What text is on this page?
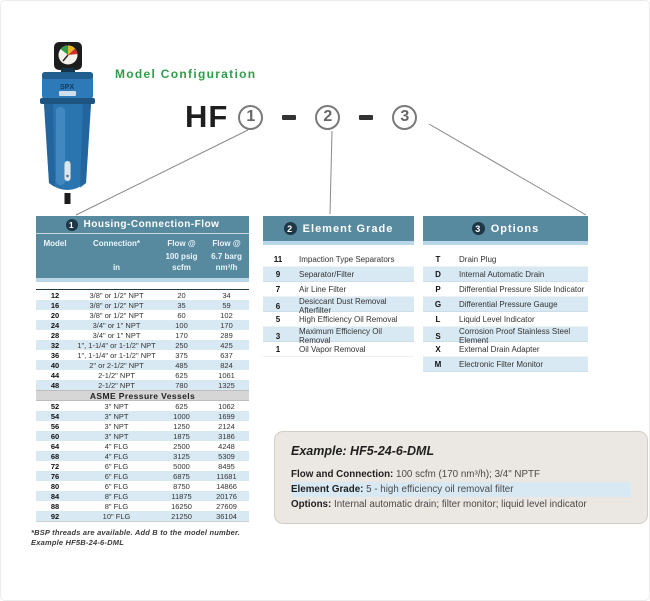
SPX
Model Configuration
HF	1	2	3
1 Housing-Connection-Flow
Model	Connection*
in
Flow @
100 psig
scfm
Flow @
6.7 barg
nm³/h
12	3/8" or 1/2" NPT	20	34
16	3/8" or 1/2" NPT	35	59
20	3/8" or 1/2" NPT	60	102
24	3/4" or 1" NPT	100	170
28	3/4" or 1" NPT	170	289
32	1", 1-1/4" or 1-1/2" NPT	250	425
36	1", 1-1/4" or 1-1/2" NPT	375	637
40	2" or 2-1/2" NPT	485	824
44	2-1/2" NPT	625	1061
48	2-1/2" NPT	780	1325
ASME Pressure Vessels
52	3" NPT	625	1062
54	3" NPT	1000	1699
56	3" NPT	1250	2124
60	3" NPT	1875	3186
64	4" FLG	2500	4248
68	4" FLG	3125	5309
72	6" FLG	5000	8495
76	6" FLG	6875	11681
80	6" FLG	8750	14866
84	8" FLG	11875	20176
88	8" FLG	16250	27609
92	10" FLG	21250	36104
*BSP threads are available. Add B to the model number.
Example HF5B-24-6-DML
2 Element Grade
11	Impaction Type Separators
9	Separator/Filter
7	Air Line Filter
6	Desiccant Dust Removal Afterfilter
5	High Efficiency Oil Removal
3	Maximum Efficiency Oil Removal
1	Oil Vapor Removal
3 Options
T	Drain Plug
D	Internal Automatic Drain
P	Differential Pressure Slide Indicator
G	Differential Pressure Gauge
L	Liquid Level Indicator
S	Corrosion Proof Stainless Steel Element
X	External Drain Adapter
M	Electronic Filter Monitor
Example: HF5-24-6-DML
Flow and Connection: 100 scfm (170 nm³/h); 3/4" NPTF
Element Grade: 5 - high efficiency oil removal filter
Options: Internal automatic drain; filter monitor; liquid level indicator
